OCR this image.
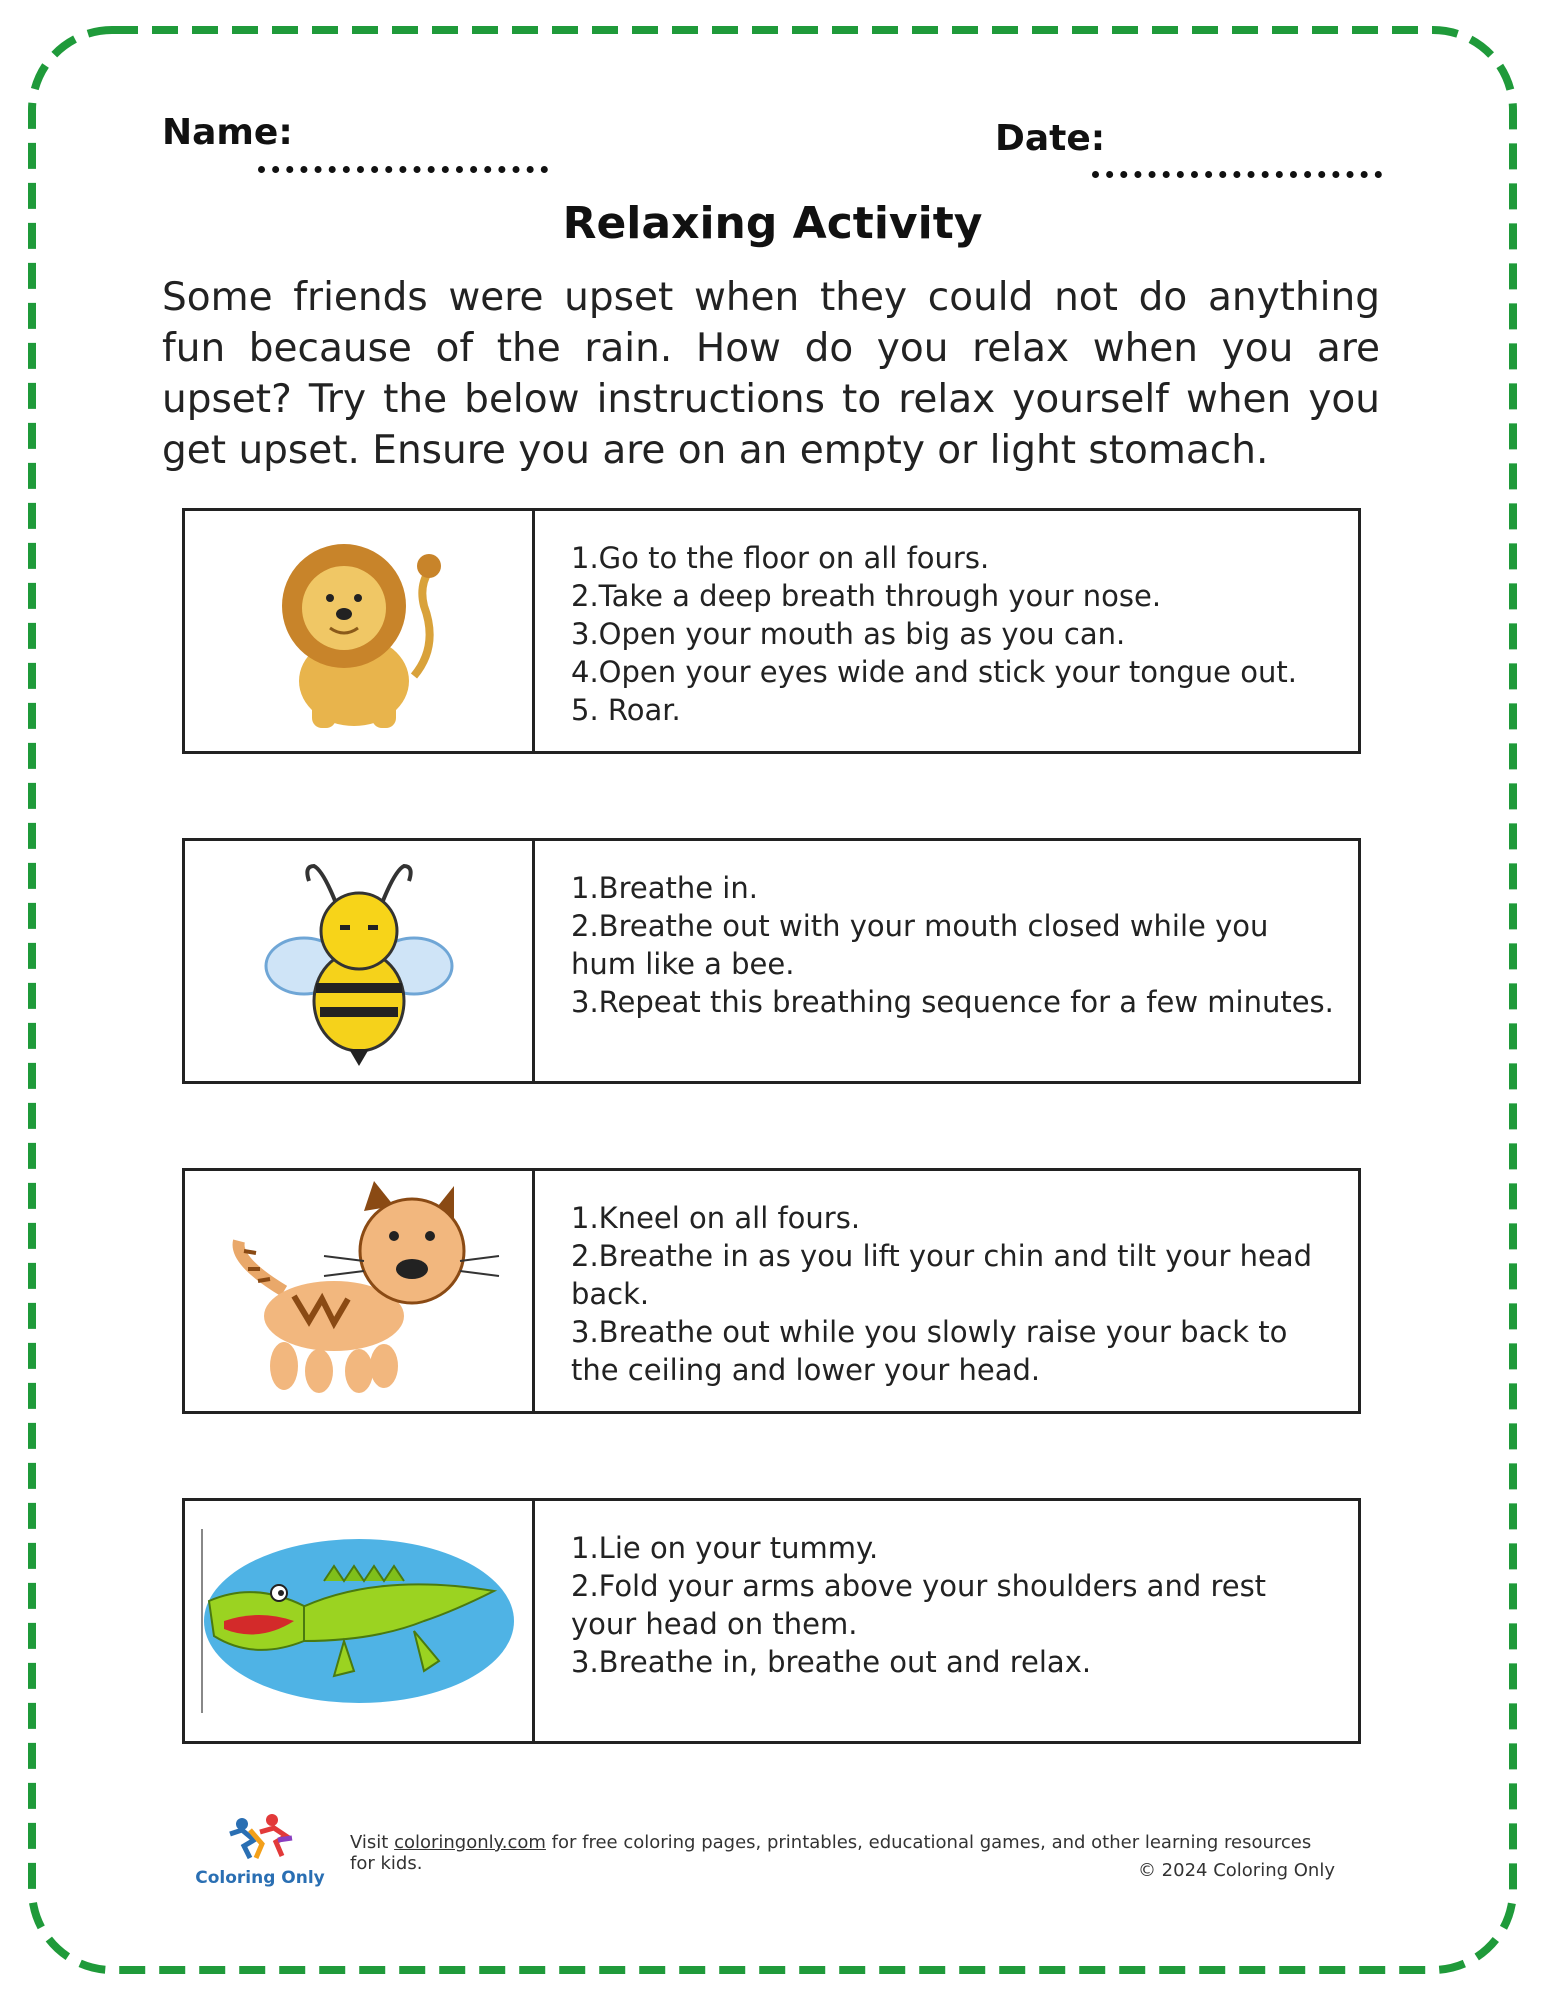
Name:	Date:
Relaxing Activity
Some friends were upset when they could not do anything fun because of the rain. How do you relax when you are upset? Try the below instructions to relax yourself when you get upset. Ensure you are on an empty or light stomach.
1.Go to the floor on all fours.
2.Take a deep breath through your nose.
3.Open your mouth as big as you can.
4.Open your eyes wide and stick your tongue out.
5. Roar.
1.Breathe in.
2.Breathe out with your mouth closed while you hum like a bee.
3.Repeat this breathing sequence for a few minutes.
1.Kneel on all fours.
2.Breathe in as you lift your chin and tilt your head back.
3.Breathe out while you slowly raise your back to the ceiling and lower your head.
1.Lie on your tummy.
2.Fold your arms above your shoulders and rest your head on them.
3.Breathe in, breathe out and relax.
Coloring Only
Visit coloringonly.com for free coloring pages, printables, educational games, and other learning resources for kids.	© 2024 Coloring Only
